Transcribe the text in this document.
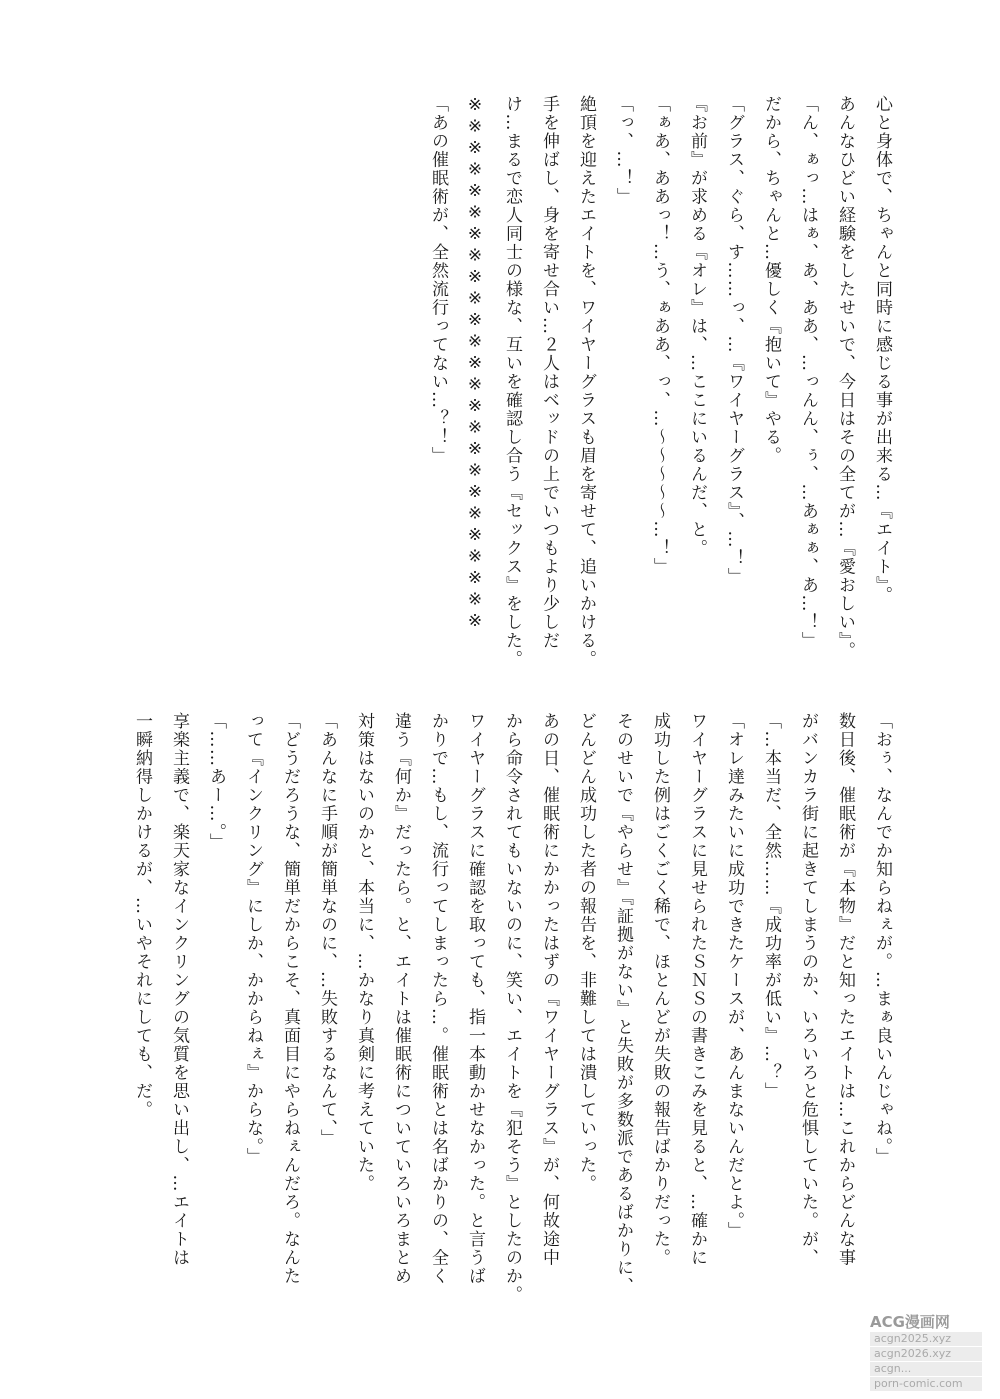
心と身体で、ちゃんと同時に感じる事が出来る…『エイト』。

あんなひどい経験をしたせいで、今日はその全てが…『愛おしい』。

「ん、ぁっ…はぁ、あ、ああ、…っんん、ぅ、…あぁぁ、あ…！」

だから、ちゃんと…優しく『抱いて』やる。

「グラス、ぐら、す……っ、…『ワイヤーグラス』、…！」

『お前』が求める『オレ』は、…ここにいるんだ、と。

「ぁあ、ああっ！…う、ぁああ、っ、…〜〜〜〜〜…！」

「っ、…！」

絶頂を迎えたエイトを、ワイヤーグラスも眉を寄せて、追いかける。

手を伸ばし、身を寄せ合い…２人はベッドの上でいつもより少しだ

け…まるで恋人同士の様な、互いを確認し合う『セックス』をした。

※※※※※※※※※※※※※※※※※※※※※※※※※

「あの催眠術が、全然流行ってない…？！」

「おぅ、なんでか知らねぇが。…まぁ良いんじゃね。」

数日後、催眠術が『本物』だと知ったエイトは…これからどんな事

がバンカラ街に起きてしまうのか、いろいろと危惧していた。が、

「…本当だ、全然……『成功率が低い』…？」

「オレ達みたいに成功できたケースが、あんまないんだとよ。」

ワイヤーグラスに見せられたＳＮＳの書きこみを見ると、…確かに

成功した例はごくごく稀で、ほとんどが失敗の報告ばかりだった。

そのせいで『やらせ』『証拠がない』と失敗が多数派であるばかりに、

どんどん成功した者の報告を、非難しては潰していった。

あの日、催眠術にかかったはずの『ワイヤーグラス』が、何故途中

から命令されてもいないのに、笑い、エイトを『犯そう』としたのか。

ワイヤーグラスに確認を取っても、指一本動かせなかった。と言うば

かりで…もし、流行ってしまったら…。催眠術とは名ばかりの、全く

違う『何か』だったら。と、エイトは催眠術についていろいろまとめ

対策はないのかと、本当に、…かなり真剣に考えていた。

「あんなに手順が簡単なのに、…失敗するなんて、」

「どうだろうな、簡単だからこそ、真面目にやらねぇんだろ。なんた

って『インクリング』にしか、かからねぇ』からな。」

「……あー…。」

享楽主義で、楽天家なインクリングの気質を思い出し、…エイトは

一瞬納得しかけるが、…いやそれにしても、だ。

ACG漫画网
acgn2025.xyz
acgn2026.xyz
acgn...
porn-comic.com
